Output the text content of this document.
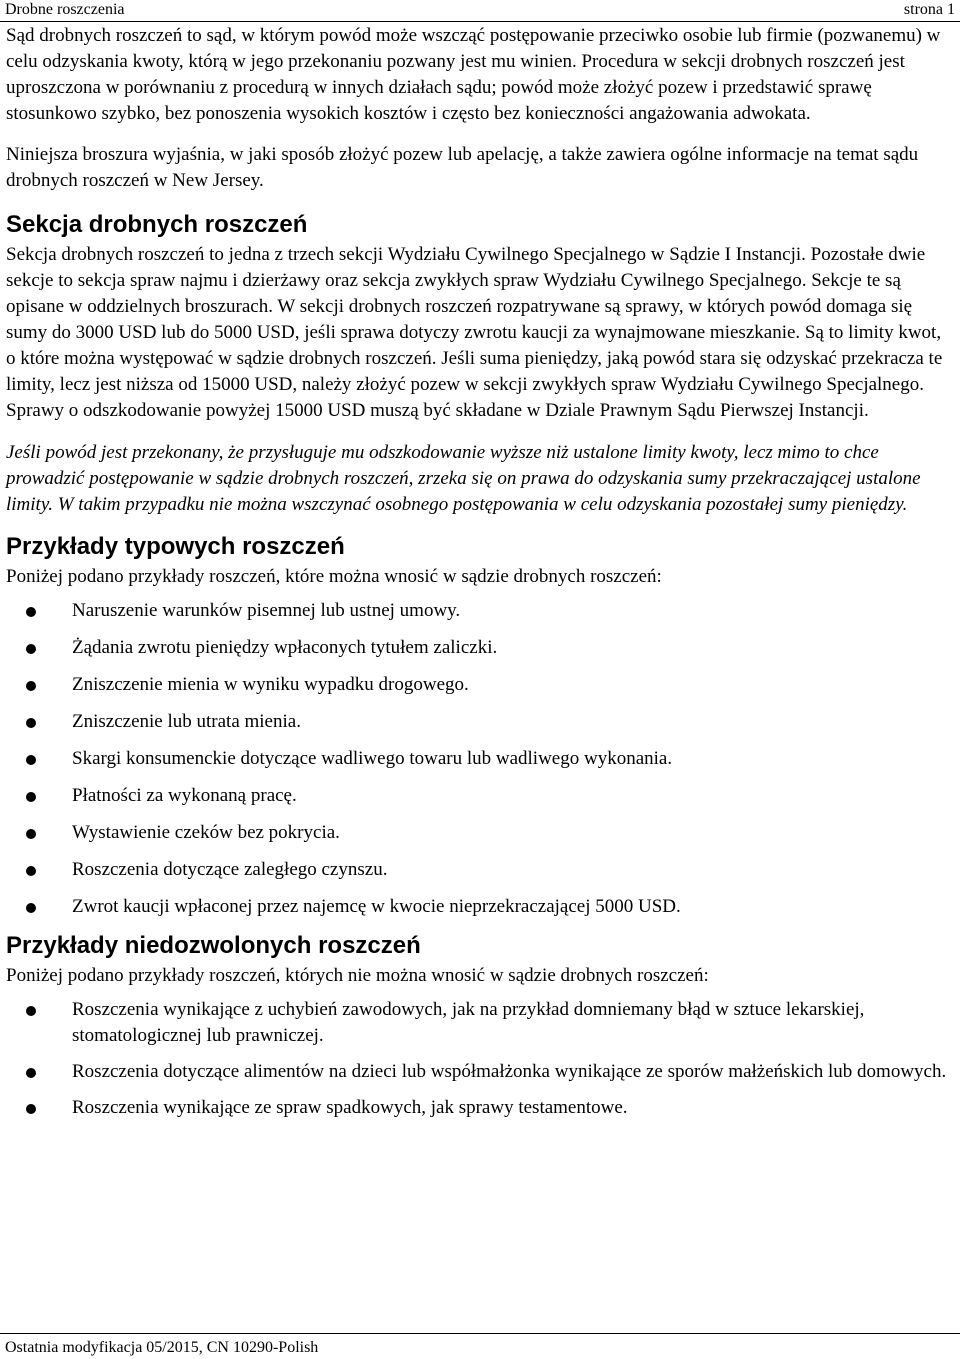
Drobne roszczenia	strona 1

Sąd drobnych roszczeń to sąd, w którym powód może wszcząć postępowanie przeciwko osobie lub firmie (pozwanemu) w celu odzyskania kwoty, którą w jego przekonaniu pozwany jest mu winien. Procedura w sekcji drobnych roszczeń jest uproszczona w porównaniu z procedurą w innych działach sądu; powód może złożyć pozew i przedstawić sprawę stosunkowo szybko, bez ponoszenia wysokich kosztów i często bez konieczności angażowania adwokata.

Niniejsza broszura wyjaśnia, w jaki sposób złożyć pozew lub apelację, a także zawiera ogólne informacje na temat sądu drobnych roszczeń w New Jersey.

Sekcja drobnych roszczeń

Sekcja drobnych roszczeń to jedna z trzech sekcji Wydziału Cywilnego Specjalnego w Sądzie I Instancji. Pozostałe dwie sekcje to sekcja spraw najmu i dzierżawy oraz sekcja zwykłych spraw Wydziału Cywilnego Specjalnego. Sekcje te są opisane w oddzielnych broszurach. W sekcji drobnych roszczeń rozpatrywane są sprawy, w których powód domaga się sumy do 3000 USD lub do 5000 USD, jeśli sprawa dotyczy zwrotu kaucji za wynajmowane mieszkanie. Są to limity kwot, o które można występować w sądzie drobnych roszczeń. Jeśli suma pieniędzy, jaką powód stara się odzyskać przekracza te limity, lecz jest niższa od 15000 USD, należy złożyć pozew w sekcji zwykłych spraw Wydziału Cywilnego Specjalnego. Sprawy o odszkodowanie powyżej 15000 USD muszą być składane w Dziale Prawnym Sądu Pierwszej Instancji.

Jeśli powód jest przekonany, że przysługuje mu odszkodowanie wyższe niż ustalone limity kwoty, lecz mimo to chce prowadzić postępowanie w sądzie drobnych roszczeń, zrzeka się on prawa do odzyskania sumy przekraczającej ustalone limity. W takim przypadku nie można wszczynać osobnego postępowania w celu odzyskania pozostałej sumy pieniędzy.

Przykłady typowych roszczeń

Poniżej podano przykłady roszczeń, które można wnosić w sądzie drobnych roszczeń:

Naruszenie warunków pisemnej lub ustnej umowy.
Żądania zwrotu pieniędzy wpłaconych tytułem zaliczki.
Zniszczenie mienia w wyniku wypadku drogowego.
Zniszczenie lub utrata mienia.
Skargi konsumenckie dotyczące wadliwego towaru lub wadliwego wykonania.
Płatności za wykonaną pracę.
Wystawienie czeków bez pokrycia.
Roszczenia dotyczące zaległego czynszu.
Zwrot kaucji wpłaconej przez najemcę w kwocie nieprzekraczającej 5000 USD.
Przykłady niedozwolonych roszczeń

Poniżej podano przykłady roszczeń, których nie można wnosić w sądzie drobnych roszczeń:

Roszczenia wynikające z uchybień zawodowych, jak na przykład domniemany błąd w sztuce lekarskiej, stomatologicznej lub prawniczej.
Roszczenia dotyczące alimentów na dzieci lub współmałżonka wynikające ze sporów małżeńskich lub domowych.
Roszczenia wynikające ze spraw spadkowych, jak sprawy testamentowe.
Ostatnia modyfikacja 05/2015, CN 10290-Polish
